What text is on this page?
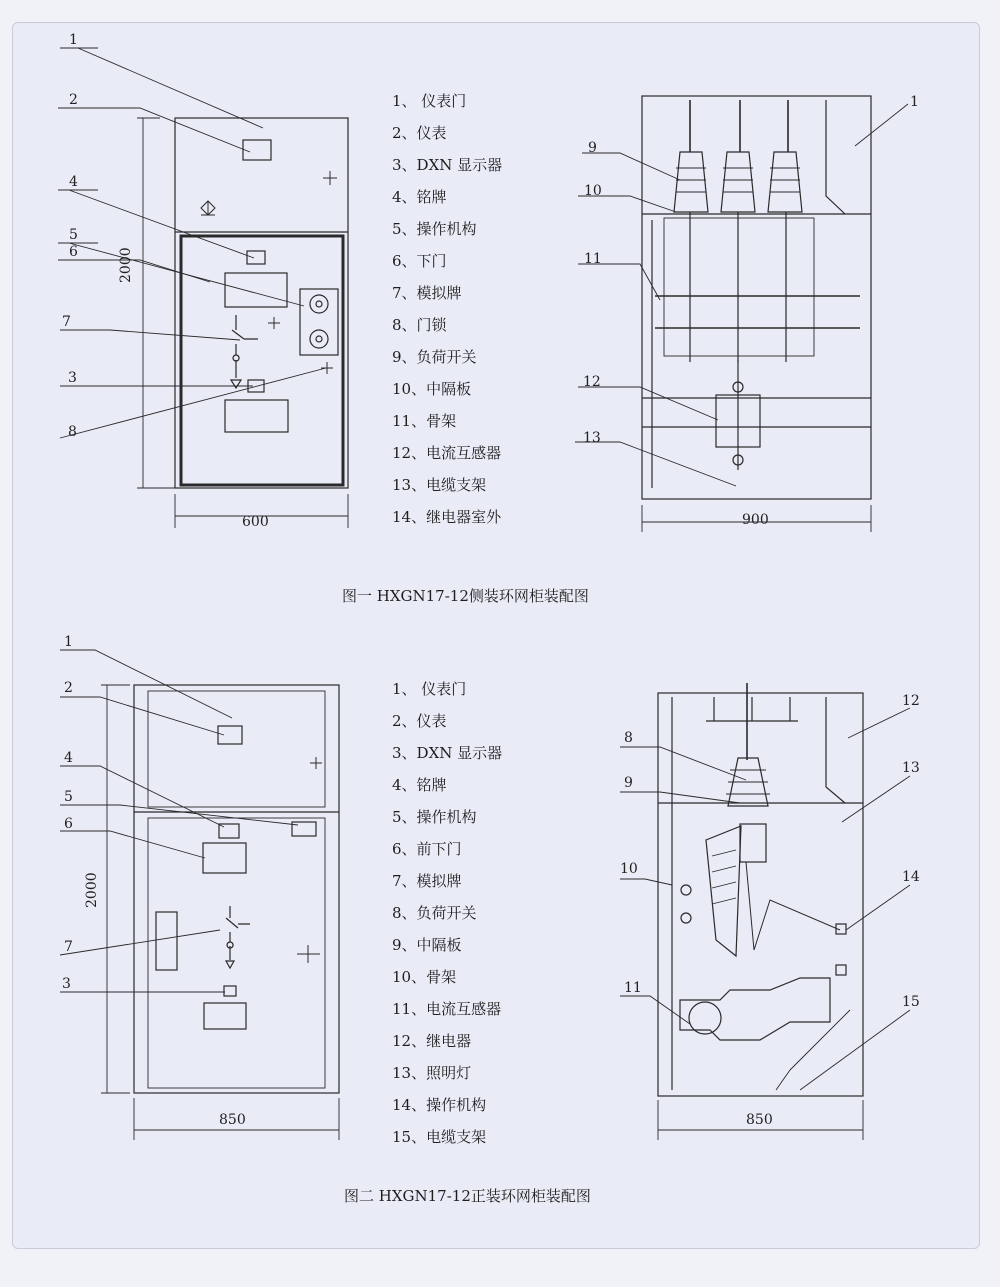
1
2
4
5
6
7
3
8
2000
600
1
9
10
11
12
13
900
1
2
4
5
6
7
3
2000
850
8
9
10
11
12
13
14
15
850
1、 仪表门
2、仪表
3、DXN 显示器
4、铭牌
5、操作机构
6、下门
7、模拟牌
8、门锁
9、负荷开关
10、中隔板
11、骨架
12、电流互感器
13、电缆支架
14、继电器室外
1、 仪表门
2、仪表
3、DXN 显示器
4、铭牌
5、操作机构
6、前下门
7、模拟牌
8、负荷开关
9、中隔板
10、骨架
11、电流互感器
12、继电器
13、照明灯
14、操作机构
15、电缆支架
图一 HXGN17-12侧装环网柜装配图
图二 HXGN17-12正装环网柜装配图
